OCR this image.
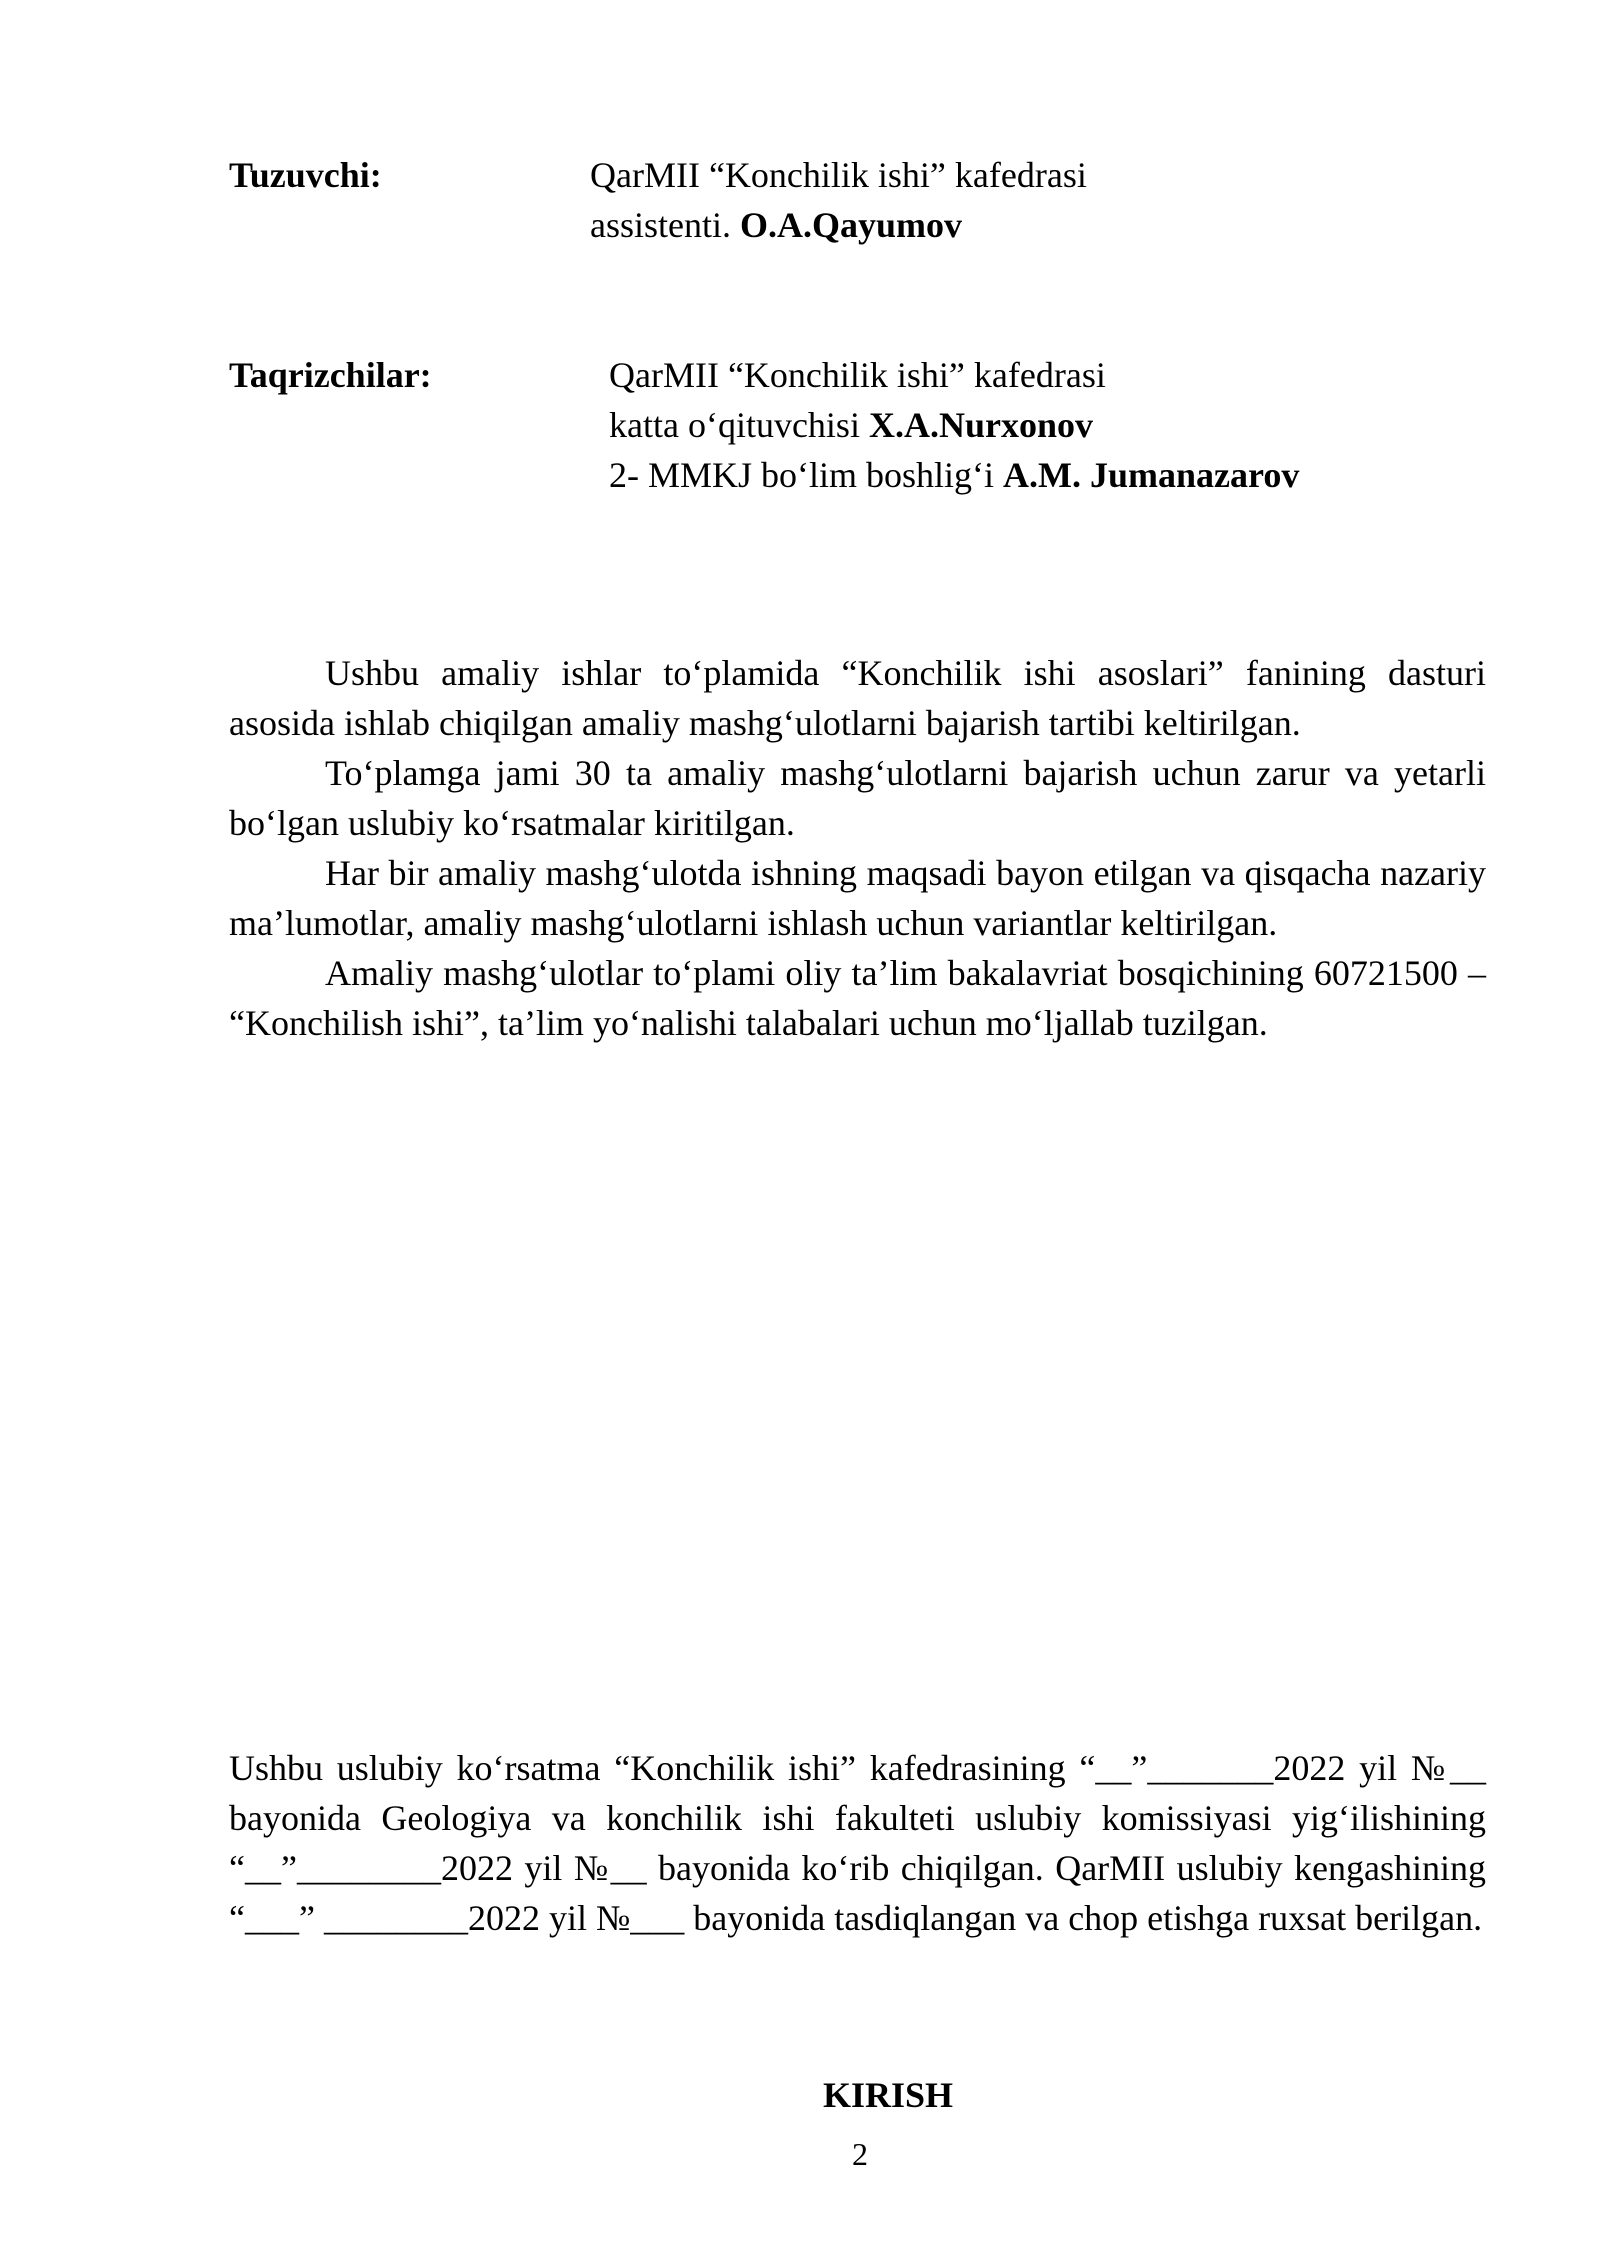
Tuzuvchi:	QarMII “Konchilik ishi” kafedrasi
assistenti. O.A.Qayumov
Taqrizchilar:	QarMII “Konchilik ishi” kafedrasi
katta o‘qituvchisi X.A.Nurxonov
2- MMKJ bo‘lim boshlig‘i A.M. Jumanazarov

Ushbu amaliy ishlar to‘plamida “Konchilik ishi asoslari” fanining dasturi asosida ishlab chiqilgan amaliy mashg‘ulotlarni bajarish tartibi keltirilgan.

To‘plamga jami 30 ta amaliy mashg‘ulotlarni bajarish uchun zarur va yetarli bo‘lgan uslubiy ko‘rsatmalar kiritilgan.

Har bir amaliy mashg‘ulotda ishning maqsadi bayon etilgan va qisqacha nazariy ma’lumotlar, amaliy mashg‘ulotlarni ishlash uchun variantlar keltirilgan.

Amaliy mashg‘ulotlar to‘plami oliy ta’lim bakalavriat bosqichining 60721500 – “Konchilish ishi”, ta’lim yo‘nalishi talabalari uchun mo‘ljallab tuzilgan.

Ushbu uslubiy ko‘rsatma “Konchilik ishi” kafedrasining “__”_______2022 yil №__ bayonida Geologiya va konchilik ishi fakulteti uslubiy komissiyasi yig‘ilishining “__”________2022 yil №__ bayonida ko‘rib chiqilgan. QarMII uslubiy kengashining “___” ________2022 yil №___ bayonida tasdiqlangan va chop etishga ruxsat berilgan.

KIRISH
2
